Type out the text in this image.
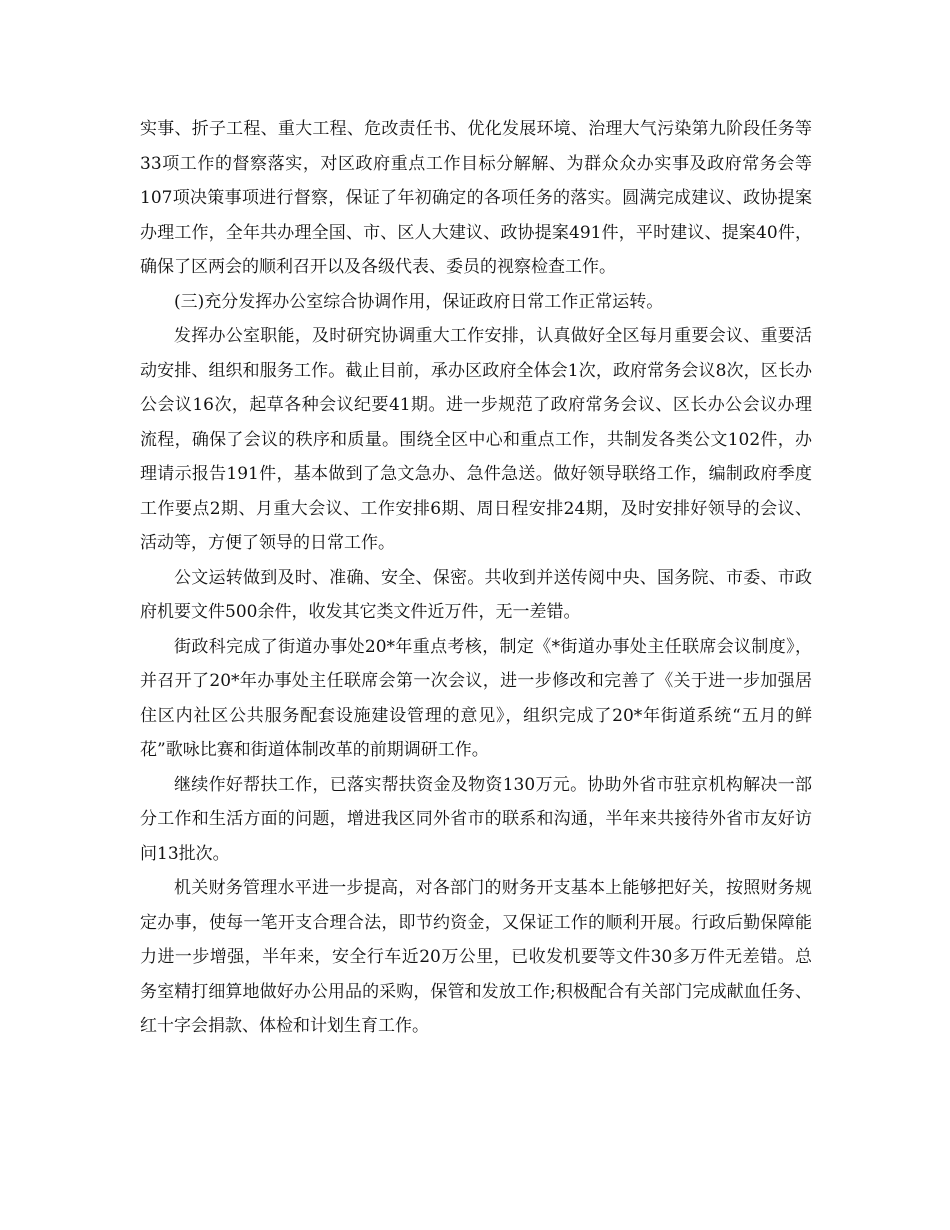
实事、折子工程、重大工程、危改责任书、优化发展环境、治理大气污染第九阶段任务等33项工作的督察落实，对区政府重点工作目标分解解、为群众众办实事及政府常务会等107项决策事项进行督察，保证了年初确定的各项任务的落实。圆满完成建议、政协提案办理工作，全年共办理全国、市、区人大建议、政协提案491件，平时建议、提案40件，确保了区两会的顺利召开以及各级代表、委员的视察检查工作。

(三)充分发挥办公室综合协调作用，保证政府日常工作正常运转。

发挥办公室职能，及时研究协调重大工作安排，认真做好全区每月重要会议、重要活动安排、组织和服务工作。截止目前，承办区政府全体会1次，政府常务会议8次，区长办公会议16次，起草各种会议纪要41期。进一步规范了政府常务会议、区长办公会议办理流程，确保了会议的秩序和质量。围绕全区中心和重点工作，共制发各类公文102件，办理请示报告191件，基本做到了急文急办、急件急送。做好领导联络工作，编制政府季度工作要点2期、月重大会议、工作安排6期、周日程安排24期，及时安排好领导的会议、活动等，方便了领导的日常工作。

公文运转做到及时、准确、安全、保密。共收到并送传阅中央、国务院、市委、市政府机要文件500余件，收发其它类文件近万件，无一差错。

街政科完成了街道办事处20*年重点考核，制定《*街道办事处主任联席会议制度》，并召开了20*年办事处主任联席会第一次会议，进一步修改和完善了《关于进一步加强居住区内社区公共服务配套设施建设管理的意见》，组织完成了20*年街道系统“五月的鲜花”歌咏比赛和街道体制改革的前期调研工作。

继续作好帮扶工作，已落实帮扶资金及物资130万元。协助外省市驻京机构解决一部分工作和生活方面的问题，增进我区同外省市的联系和沟通，半年来共接待外省市友好访问13批次。

机关财务管理水平进一步提高，对各部门的财务开支基本上能够把好关，按照财务规定办事，使每一笔开支合理合法，即节约资金，又保证工作的顺利开展。行政后勤保障能力进一步增强，半年来，安全行车近20万公里，已收发机要等文件30多万件无差错。总务室精打细算地做好办公用品的采购，保管和发放工作;积极配合有关部门完成献血任务、红十字会捐款、体检和计划生育工作。
